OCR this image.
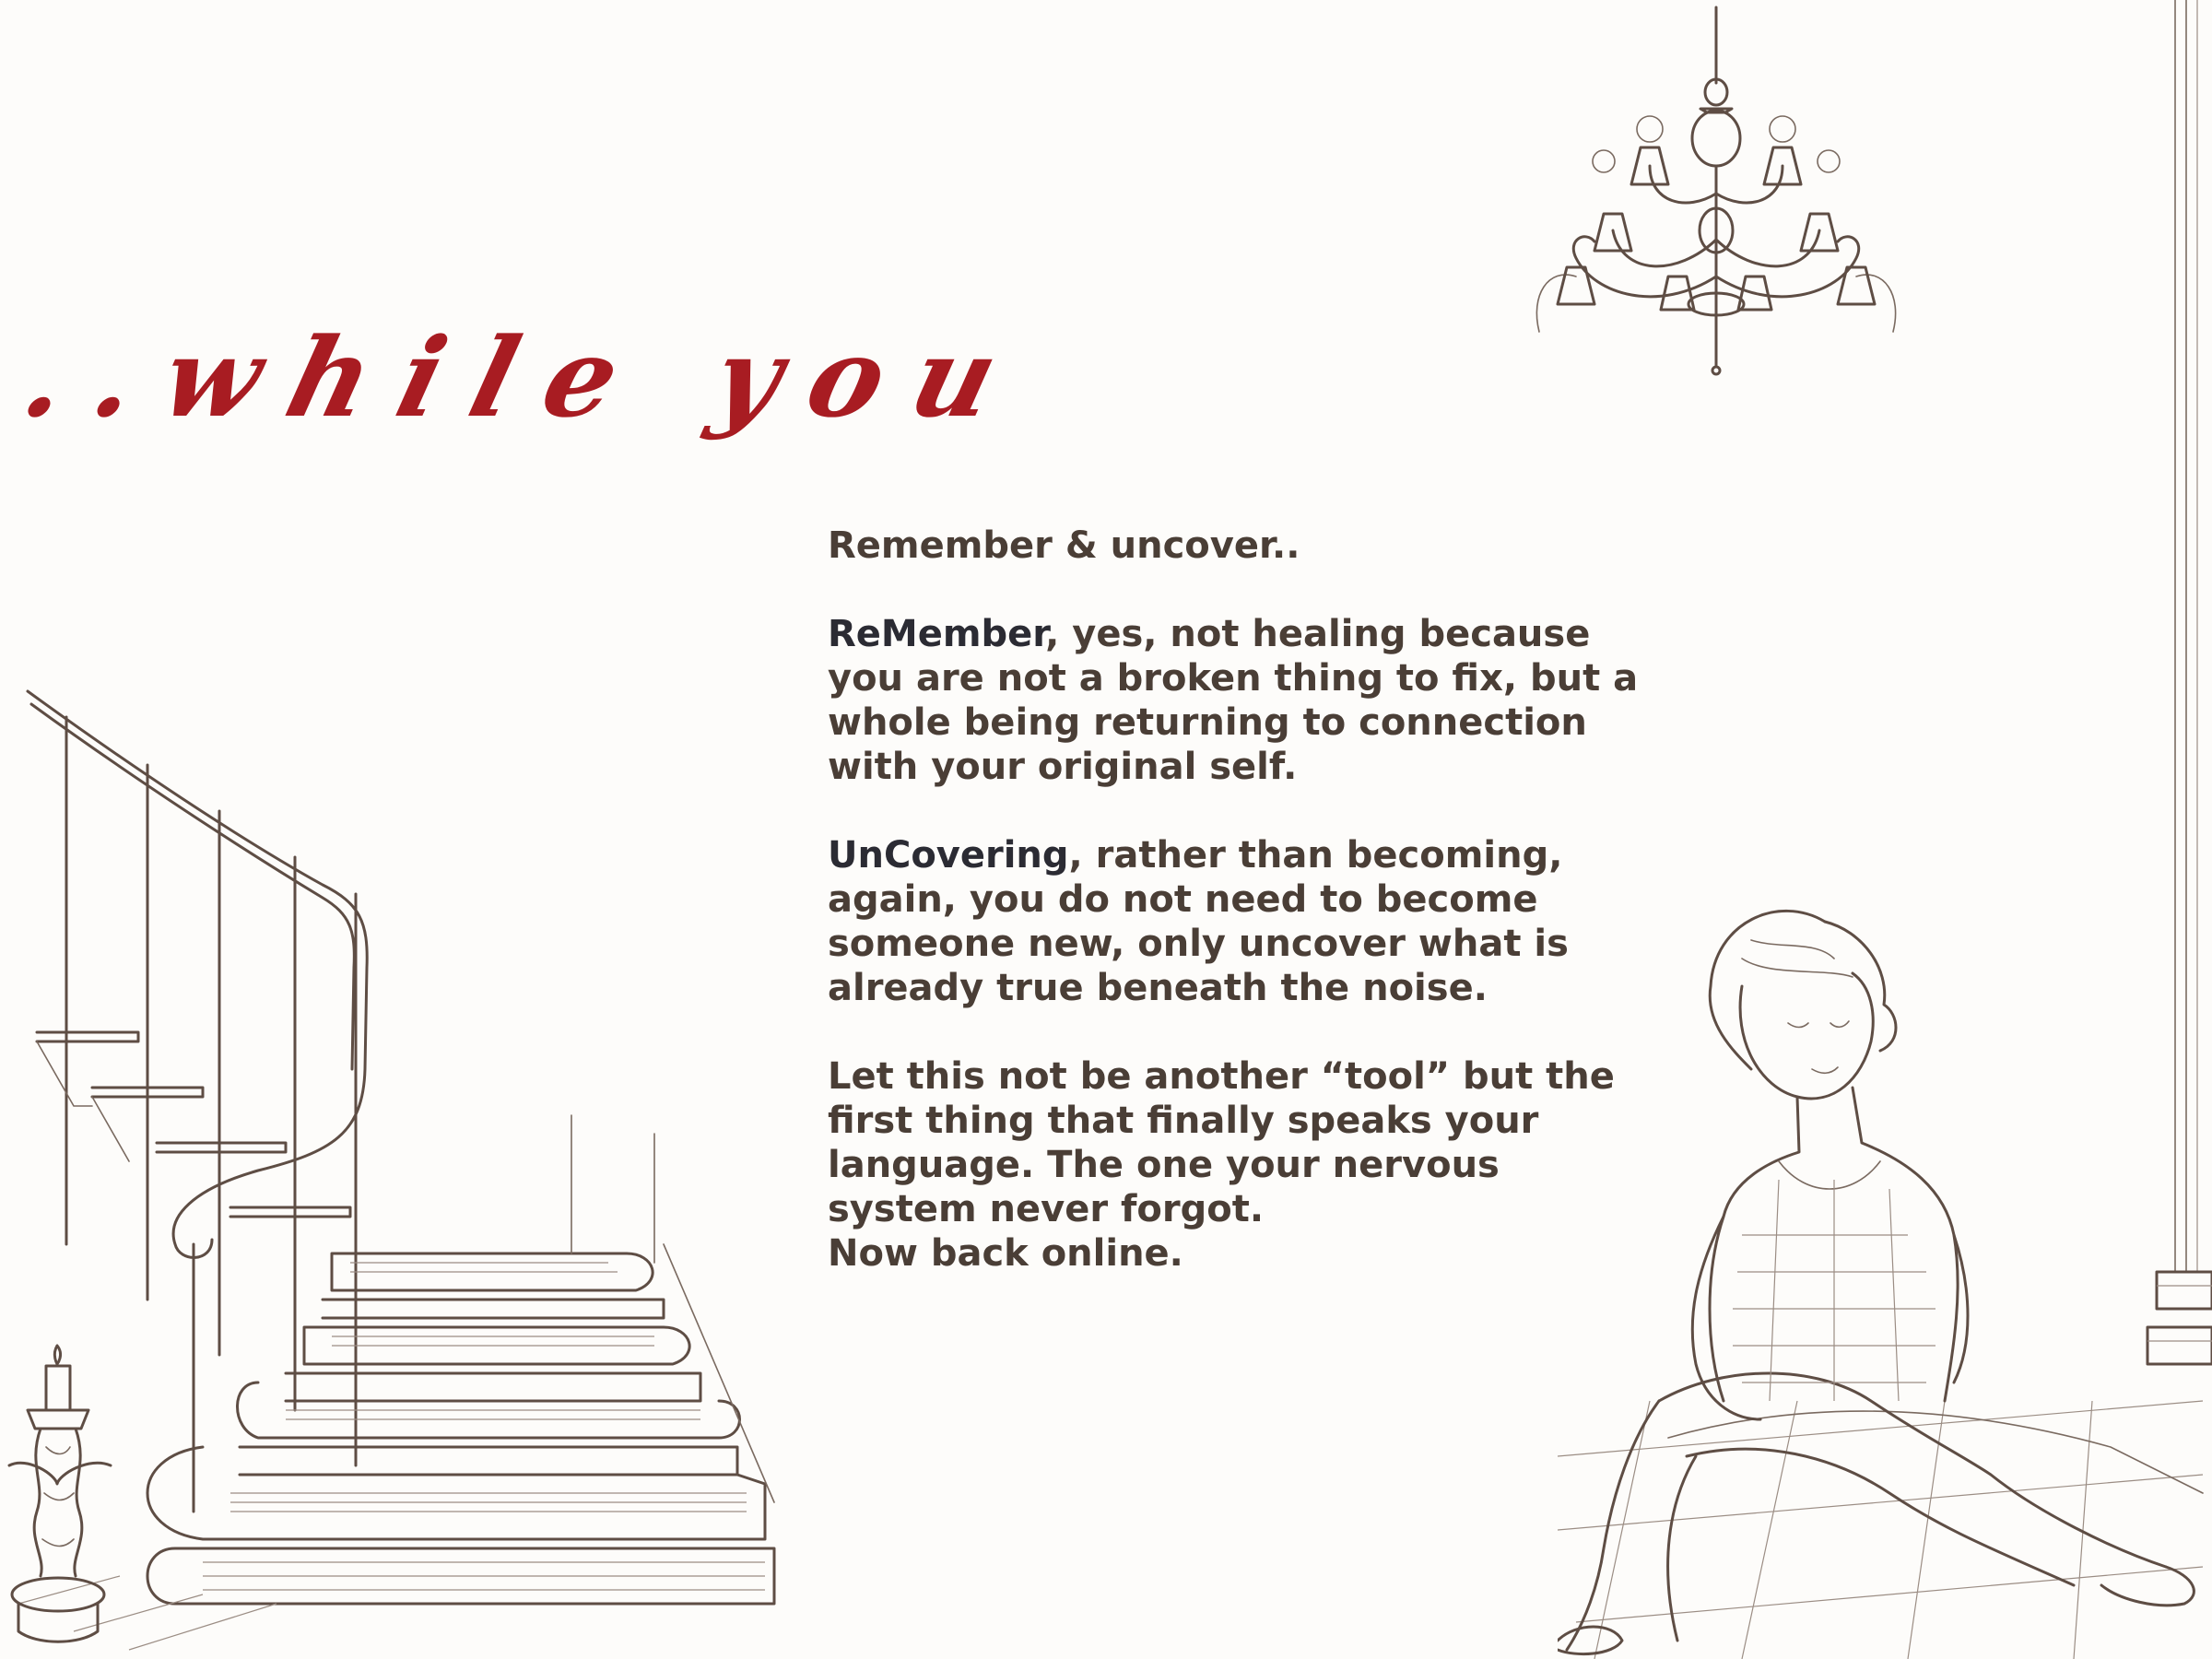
..while you

Remember & uncover..

ReMember, yes, not healing because you are not a broken thing to fix, but a whole being returning to connection with your original self.

UnCovering, rather than becoming, again, you do not need to become someone new, only uncover what is already true beneath the noise.

Let this not be another “tool” but the first thing that finally speaks your language. The one your nervous system never forgot.

Now back online.
